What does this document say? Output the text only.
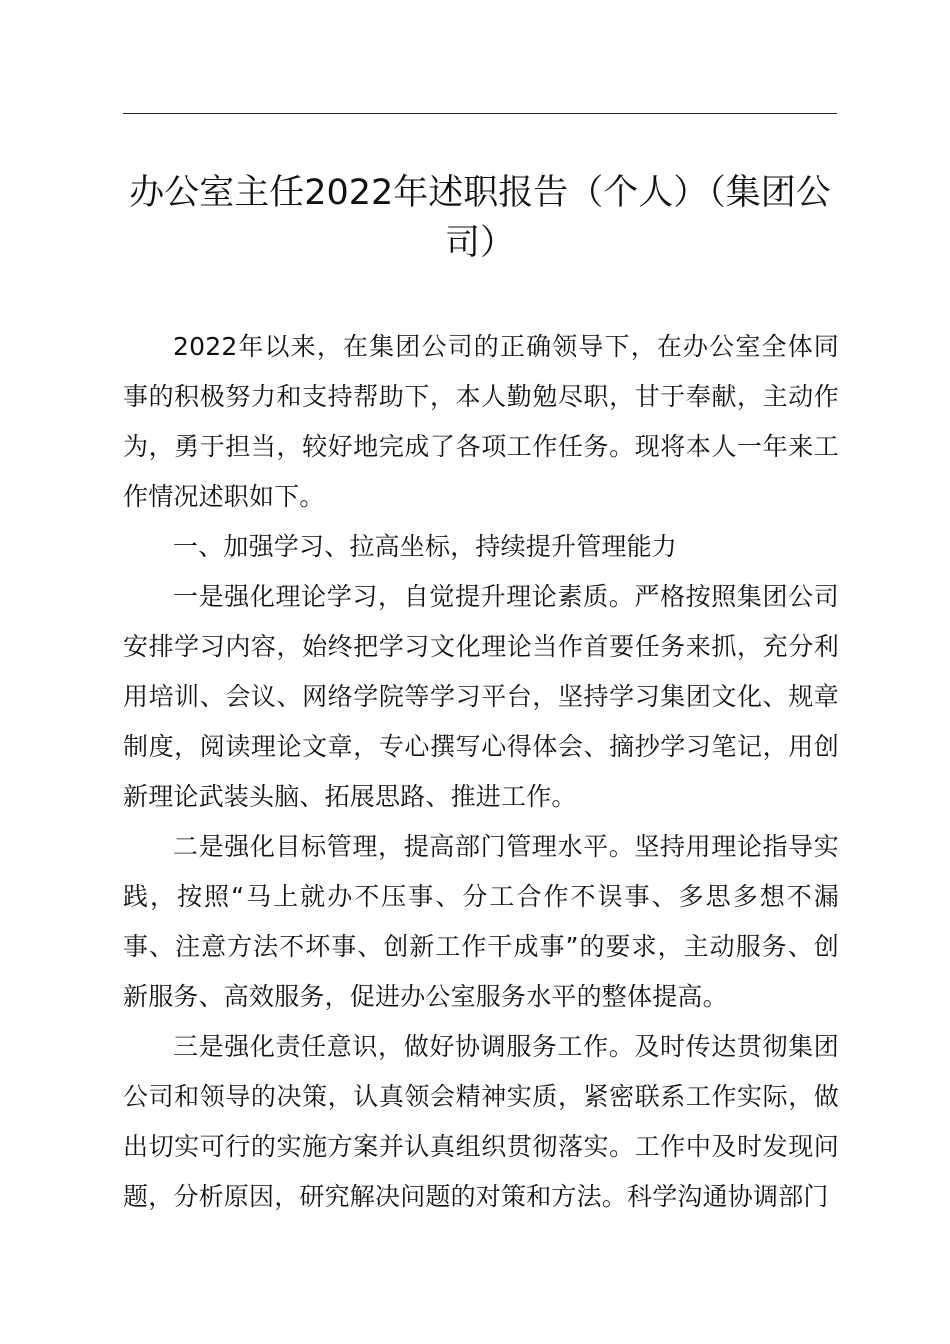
办公室主任2022年述职报告（个人）（集团公司）

2022年以来，在集团公司的正确领导下，在办公室全体同事的积极努力和支持帮助下，本人勤勉尽职，甘于奉献，主动作为，勇于担当，较好地完成了各项工作任务。现将本人一年来工作情况述职如下。

一、加强学习、拉高坐标，持续提升管理能力

一是强化理论学习，自觉提升理论素质。严格按照集团公司安排学习内容，始终把学习文化理论当作首要任务来抓，充分利用培训、会议、网络学院等学习平台，坚持学习集团文化、规章制度，阅读理论文章，专心撰写心得体会、摘抄学习笔记，用创新理论武装头脑、拓展思路、推进工作。

二是强化目标管理，提高部门管理水平。坚持用理论指导实践，按照“马上就办不压事、分工合作不误事、多思多想不漏事、注意方法不坏事、创新工作干成事”的要求，主动服务、创新服务、高效服务，促进办公室服务水平的整体提高。

三是强化责任意识，做好协调服务工作。及时传达贯彻集团公司和领导的决策，认真领会精神实质，紧密联系工作实际，做出切实可行的实施方案并认真组织贯彻落实。工作中及时发现问题，分析原因，研究解决问题的对策和方法。科学沟通协调部门
